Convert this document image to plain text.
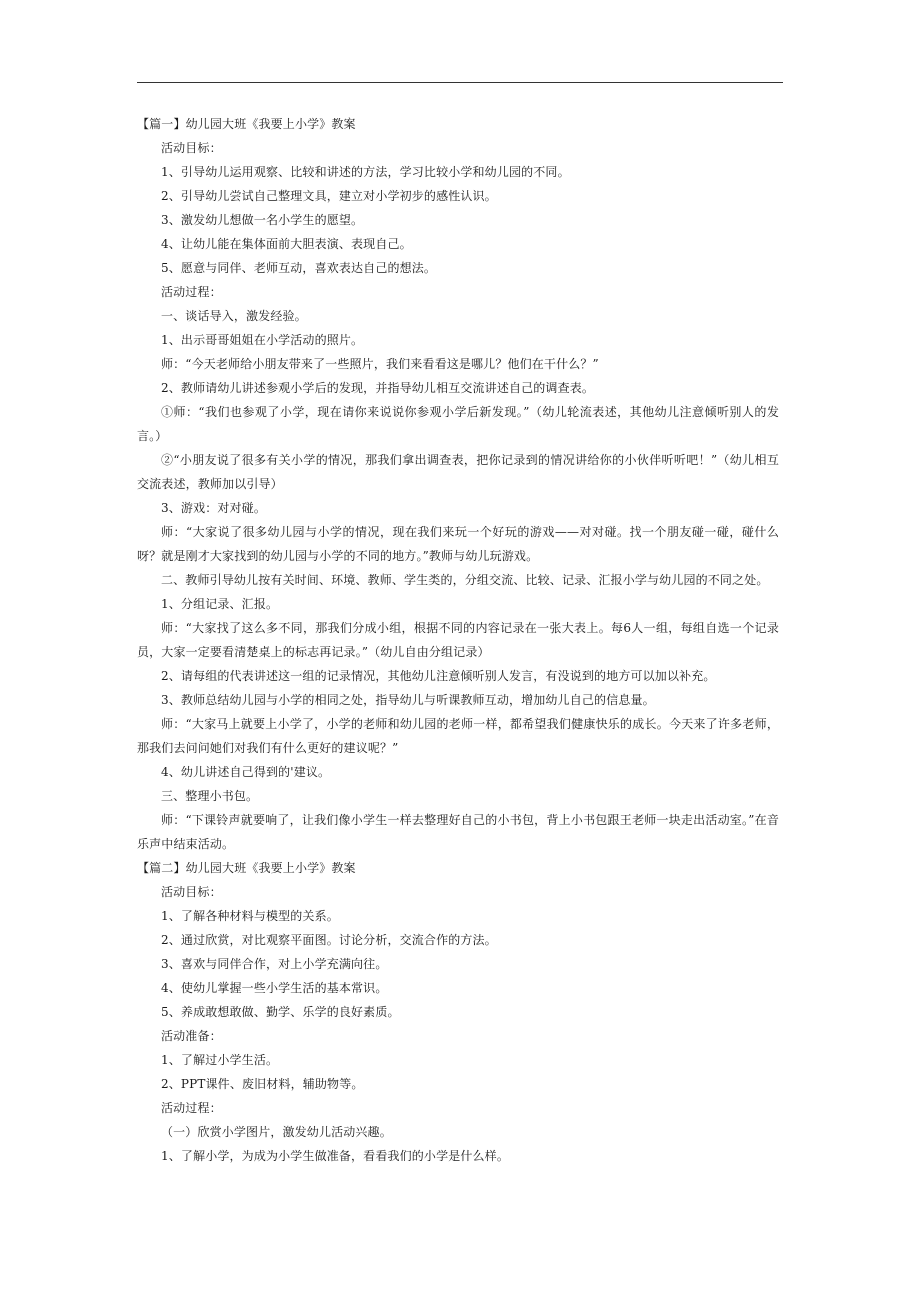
【篇一】幼儿园大班《我要上小学》教案

活动目标：

1、引导幼儿运用观察、比较和讲述的方法，学习比较小学和幼儿园的不同。

2、引导幼儿尝试自己整理文具，建立对小学初步的感性认识。

3、激发幼儿想做一名小学生的愿望。

4、让幼儿能在集体面前大胆表演、表现自己。

5、愿意与同伴、老师互动，喜欢表达自己的想法。

活动过程：

一、谈话导入，激发经验。

1、出示哥哥姐姐在小学活动的照片。

师：“今天老师给小朋友带来了一些照片，我们来看看这是哪儿？他们在干什么？”

2、教师请幼儿讲述参观小学后的发现，并指导幼儿相互交流讲述自己的调查表。

①师：“我们也参观了小学，现在请你来说说你参观小学后新发现。”（幼儿轮流表述，其他幼儿注意倾听别人的发言。）

②“小朋友说了很多有关小学的情况，那我们拿出调查表，把你记录到的情况讲给你的小伙伴听听吧！”（幼儿相互交流表述，教师加以引导）

3、游戏：对对碰。

师：“大家说了很多幼儿园与小学的情况，现在我们来玩一个好玩的游戏——对对碰。找一个朋友碰一碰，碰什么呀？就是刚才大家找到的幼儿园与小学的不同的地方。”教师与幼儿玩游戏。

二、教师引导幼儿按有关时间、环境、教师、学生类的，分组交流、比较、记录、汇报小学与幼儿园的不同之处。

1、分组记录、汇报。

师：“大家找了这么多不同，那我们分成小组，根据不同的内容记录在一张大表上。每6人一组，每组自选一个记录员，大家一定要看清楚桌上的标志再记录。”（幼儿自由分组记录）

2、请每组的代表讲述这一组的记录情况，其他幼儿注意倾听别人发言，有没说到的地方可以加以补充。

3、教师总结幼儿园与小学的相同之处，指导幼儿与听课教师互动，增加幼儿自己的信息量。

师：“大家马上就要上小学了，小学的老师和幼儿园的老师一样，都希望我们健康快乐的成长。今天来了许多老师，那我们去问问她们对我们有什么更好的建议呢？”

4、幼儿讲述自己得到的'建议。

三、整理小书包。

师：“下课铃声就要响了，让我们像小学生一样去整理好自己的小书包，背上小书包跟王老师一块走出活动室。”在音乐声中结束活动。

【篇二】幼儿园大班《我要上小学》教案

活动目标：

1、了解各种材料与模型的关系。

2、通过欣赏，对比观察平面图。讨论分析，交流合作的方法。

3、喜欢与同伴合作，对上小学充满向往。

4、使幼儿掌握一些小学生活的基本常识。

5、养成敢想敢做、勤学、乐学的良好素质。

活动准备：

1、了解过小学生活。

2、PPT课件、废旧材料，辅助物等。

活动过程：

（一）欣赏小学图片，激发幼儿活动兴趣。

1、了解小学，为成为小学生做准备，看看我们的小学是什么样。
